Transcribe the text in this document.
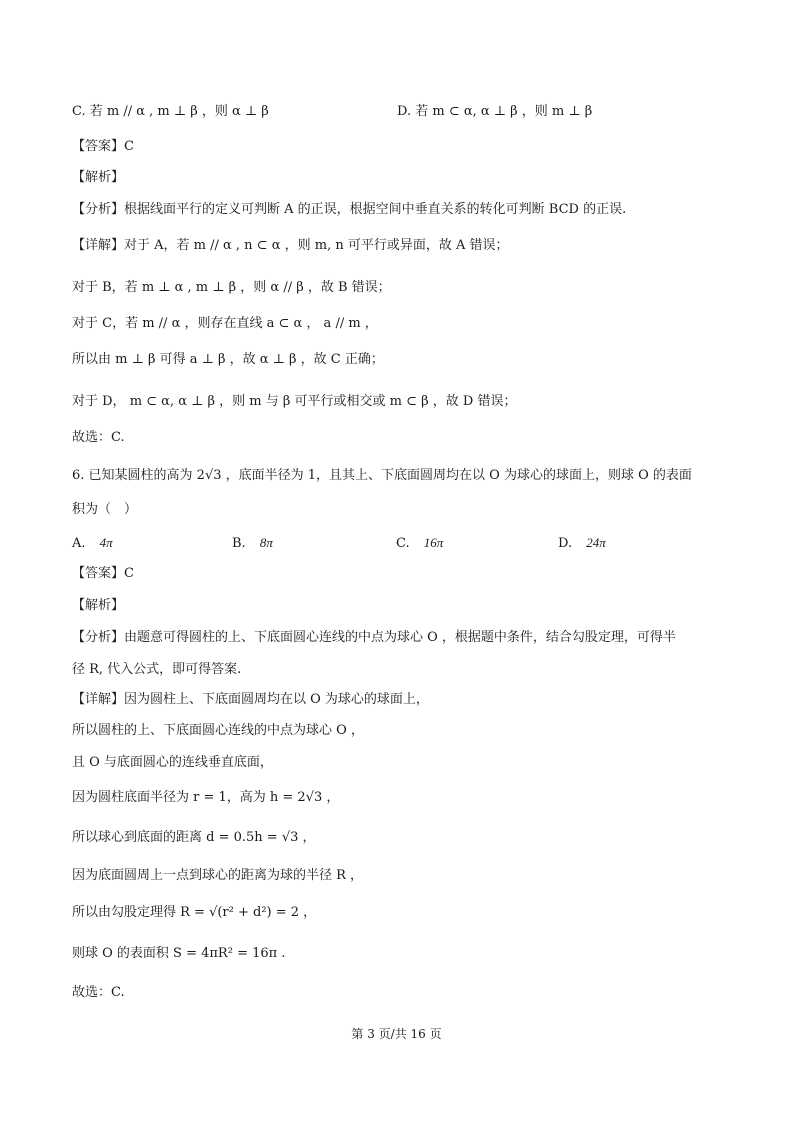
C. 若 m // α , m ⊥ β ，则 α ⊥ β	D. 若 m ⊂ α, α ⊥ β ，则 m ⊥ β
【答案】C
【解析】
【分析】根据线面平行的定义可判断 A 的正误，根据空间中垂直关系的转化可判断 BCD 的正误.
【详解】对于 A，若 m // α , n ⊂ α ，则 m, n 可平行或异面，故 A 错误；
对于 B，若 m ⊥ α , m ⊥ β ，则 α // β ，故 B 错误；
对于 C，若 m // α ，则存在直线 a ⊂ α ， a // m ，
所以由 m ⊥ β 可得 a ⊥ β ，故 α ⊥ β ，故 C 正确；
对于 D， m ⊂ α, α ⊥ β ，则 m 与 β 可平行或相交或 m ⊂ β ，故 D 错误；
故选：C.
6. 已知某圆柱的高为 2√3 ，底面半径为 1，且其上、下底面圆周均在以 O 为球心的球面上，则球 O 的表面
积为（　）
A. 4π	B. 8π	C. 16π	D. 24π
【答案】C
【解析】
【分析】由题意可得圆柱的上、下底面圆心连线的中点为球心 O ，根据题中条件，结合勾股定理，可得半
径 R, 代入公式，即可得答案.
【详解】因为圆柱上、下底面圆周均在以 O 为球心的球面上，
所以圆柱的上、下底面圆心连线的中点为球心 O ，
且 O 与底面圆心的连线垂直底面，
因为圆柱底面半径为 r = 1，高为 h = 2√3 ，
所以球心到底面的距离 d = 0.5h = √3 ，
因为底面圆周上一点到球心的距离为球的半径 R ，
所以由勾股定理得 R = √(r² + d²) = 2 ，
则球 O 的表面积 S = 4πR² = 16π .
故选：C.
第 3 页/共 16 页
